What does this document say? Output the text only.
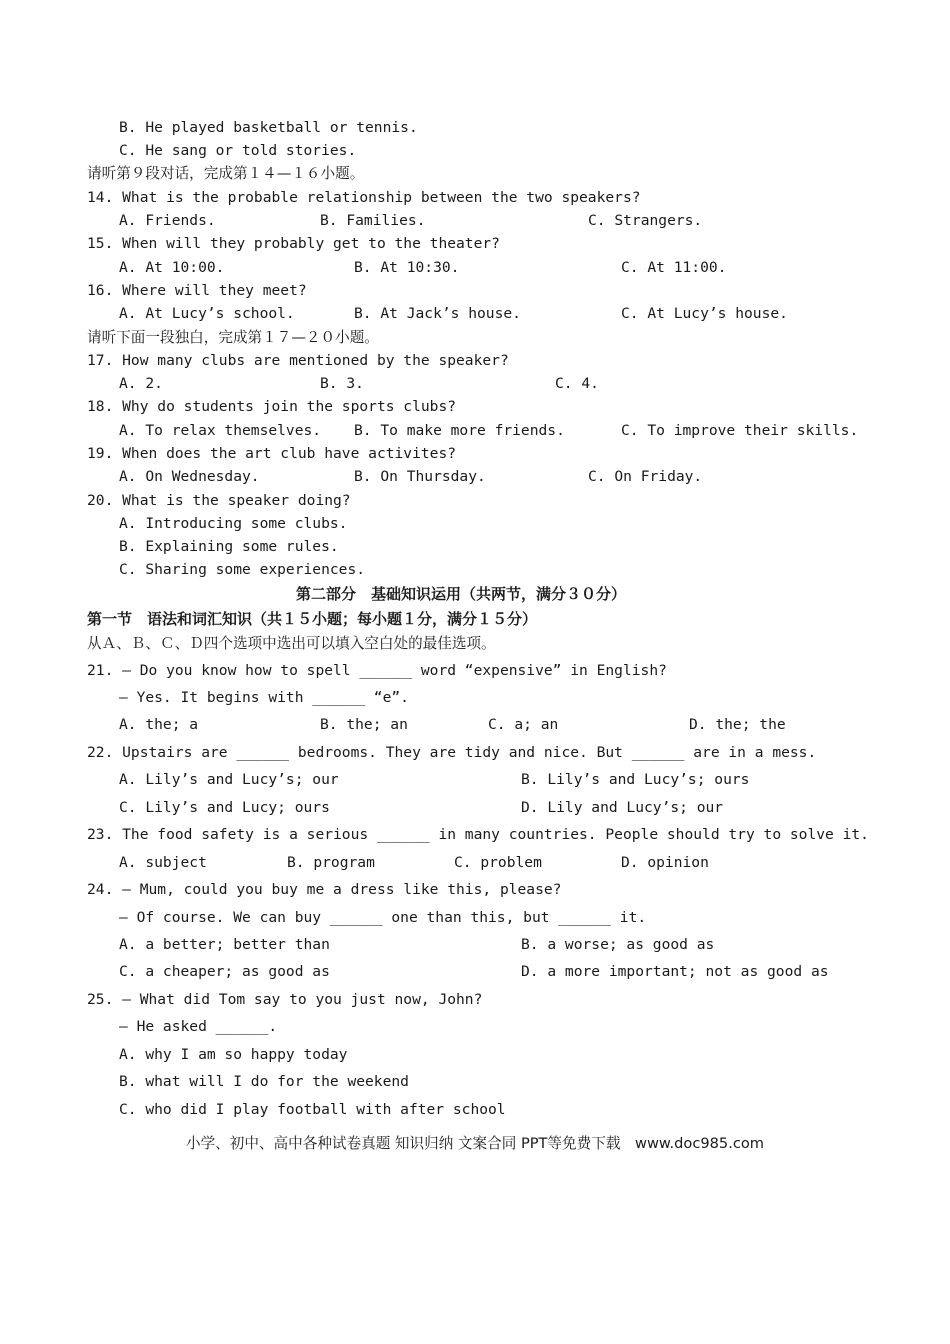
B. He played basketball or tennis.
C. He sang or told stories.
请听第９段对话，完成第１４—１６小题。
14. What is the probable relationship between the two speakers?
A. Friends.	B. Families.	C. Strangers.
15. When will they probably get to the theater?
A. At 10:00.	B. At 10:30.	C. At 11:00.
16. Where will they meet?
A. At Lucy’s school.	B. At Jack’s house.	C. At Lucy’s house.
请听下面一段独白，完成第１７—２０小题。
17. How many clubs are mentioned by the speaker?
A. 2.	B. 3.	C. 4.
18. Why do students join the sports clubs?
A. To relax themselves. B. To make more friends.	C. To improve their skills.
19. When does the art club have activites?
A. On Wednesday.	B. On Thursday.	C. On Friday.
20. What is the speaker doing?
A. Introducing some clubs.
B. Explaining some rules.
C. Sharing some experiences.
第二部分　基础知识运用（共两节，满分３０分）
第一节　语法和词汇知识（共１５小题；每小题１分，满分１５分）
从Ａ、Ｂ、Ｃ、Ｄ四个选项中选出可以填入空白处的最佳选项。
21. — Do you know how to spell ______ word “expensive” in English?
— Yes. It begins with ______ “e”.
A. the; a	B. the; an	C. a; an	D. the; the
22. Upstairs are ______ bedrooms. They are tidy and nice. But ______ are in a mess.
A. Lily’s and Lucy’s; our	B. Lily’s and Lucy’s; ours
C. Lily’s and Lucy; ours	D. Lily and Lucy’s; our
23. The food safety is a serious ______ in many countries. People should try to solve it.
A. subject	B. program	C. problem	D. opinion
24. — Mum, could you buy me a dress like this, please?
— Of course. We can buy ______ one than this, but ______ it.
A. a better; better than	B. a worse; as good as
C. a cheaper; as good as	D. a more important; not as good as
25. — What did Tom say to you just now, John?
— He asked ______.
A. why I am so happy today
B. what will I do for the weekend
C. who did I play football with after school
小学、初中、高中各种试卷真题 知识归纳 文案合同 PPT等免费下载　www.doc985.com
